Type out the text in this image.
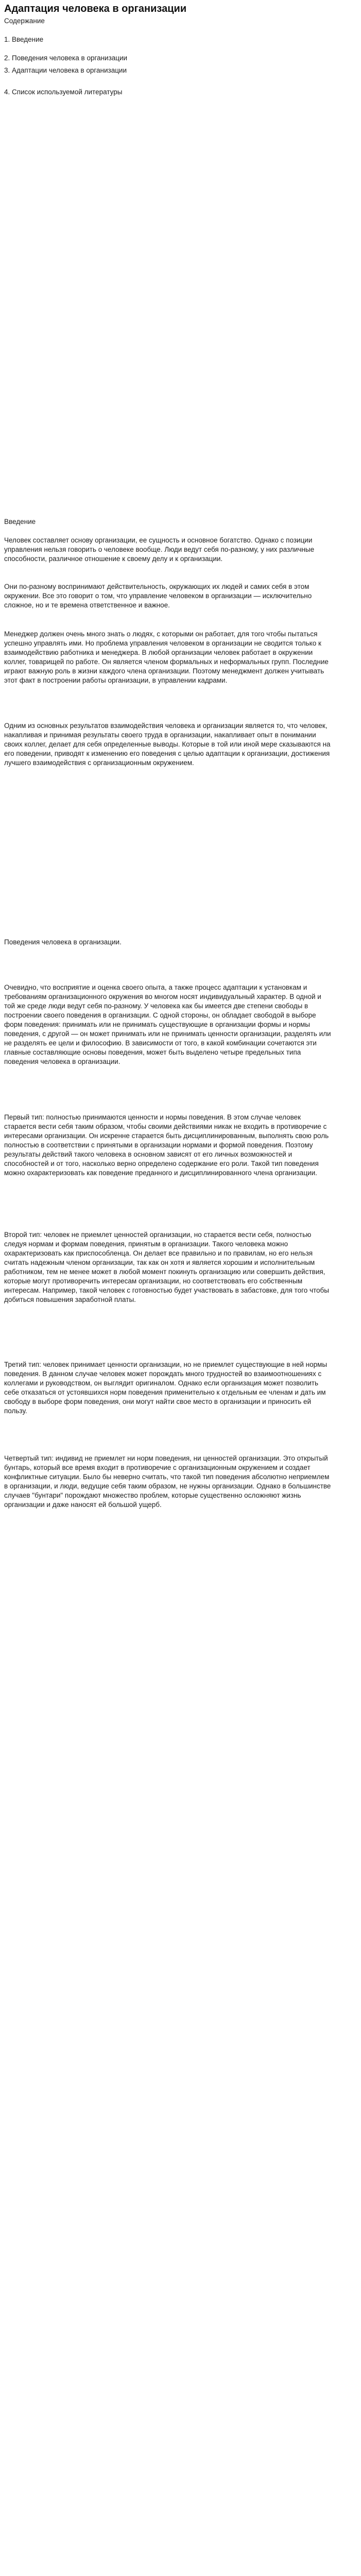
Адаптация человека в организации

Содержание

1. Введение

2. Поведения человека в организации

3. Адаптации человека в организации

4. Список используемой литературы

Введение

Человек составляет основу организации, ее сущность и основное богатство. Однако с позиции управления нельзя говорить о человеке вообще. Люди ведут себя по-разному, у них различные способности, различное отношение к своему делу и к организации.

Они по-разному воспринимают действительность, окружающих их людей и самих себя в этом окружении. Все это говорит о том, что управление человеком в организации — исключительно сложное, но и те времена ответственное и важное.

Менеджер должен очень много знать о людях, с которыми он работает, для того чтобы пытаться успешно управлять ими. Но проблема управления человеком в организации не сводится только к взаимодействию работника и менеджера. В любой организации человек работает в окружении коллег, товарищей по работе. Он является членом формальных и неформальных групп. Последние играют важную роль в жизни каждого члена организации. Поэтому менеджмент должен учитывать этот факт в построении работы организации, в управлении кадрами.

Одним из основных результатов взаимодействия человека и организации является то, что человек, накапливая и принимая результаты своего труда в организации, накапливает опыт в понимании своих коллег, делает для себя определенные выводы. Которые в той или иной мере сказываются на его поведении, приводят к изменению его поведения с целью адаптации к организации, достижения лучшего взаимодействия с организационным окружением.

Поведения человека в организации.

Очевидно, что восприятие и оценка своего опыта, а также процесс адаптации к установкам и требованиям организационного окружения во многом носят индивидуальный характер. В одной и той же среде люди ведут себя по-разному. У человека как бы имеется две степени свободы в построении своего поведения в организации. С одной стороны, он обладает свободой в выборе форм поведения: принимать или не принимать существующие в организации формы и нормы поведения, с другой — он может принимать или не принимать ценности организации, разделять или не разделять ее цели и философию. В зависимости от того, в какой комбинации сочетаются эти главные составляющие основы поведения, может быть выделено четыре предельных типа поведения человека в организации.

Первый тип: полностью принимаются ценности и нормы поведения. В этом случае человек старается вести себя таким образом, чтобы своими действиями никак не входить в противоречие с интересами организации. Он искренне старается быть дисциплинированным, выполнять свою роль полностью в соответствии с принятыми в организации нормами и формой поведения. Поэтому результаты действий такого человека в основном зависят от его личных возможностей и способностей и от того, насколько верно определено содержание его роли. Такой тип поведения можно охарактеризовать как поведение преданного и дисциплинированного члена организации.

Второй тип: человек не приемлет ценностей организации, но старается вести себя, полностью следуя нормам и формам поведения, принятым в организации. Такого человека можно охарактеризовать как приспособленца. Он делает все правильно и по правилам, но его нельзя считать надежным членом организации, так как он хотя и является хорошим и исполнительным работником, тем не менее может в любой момент покинуть организацию или совершить действия, которые могут противоречить интересам организации, но соответствовать его собственным интересам. Например, такой человек с готовностью будет участвовать в забастовке, для того чтобы добиться повышения заработной платы.

Третий тип: человек принимает ценности организации, но не приемлет существующие в ней нормы поведения. В данном случае человек может порождать много трудностей во взаимоотношениях с коллегами и руководством, он выглядит оригиналом. Однако если организация может позволить себе отказаться от устоявшихся норм поведения применительно к отдельным ее членам и дать им свободу в выборе форм поведения, они могут найти свое место в организации и приносить ей пользу.

Четвертый тип: индивид не приемлет ни норм поведения, ни ценностей организации. Это открытый бунтарь, который все время входит в противоречие с организационным окружением и создает конфликтные ситуации. Было бы неверно считать, что такой тип поведения абсолютно неприемлем в организации, и люди, ведущие себя таким образом, не нужны организации. Однако в большинстве случаев "бунтари" порождают множество проблем, которые существенно осложняют жизнь организации и даже наносят ей большой ущерб.
